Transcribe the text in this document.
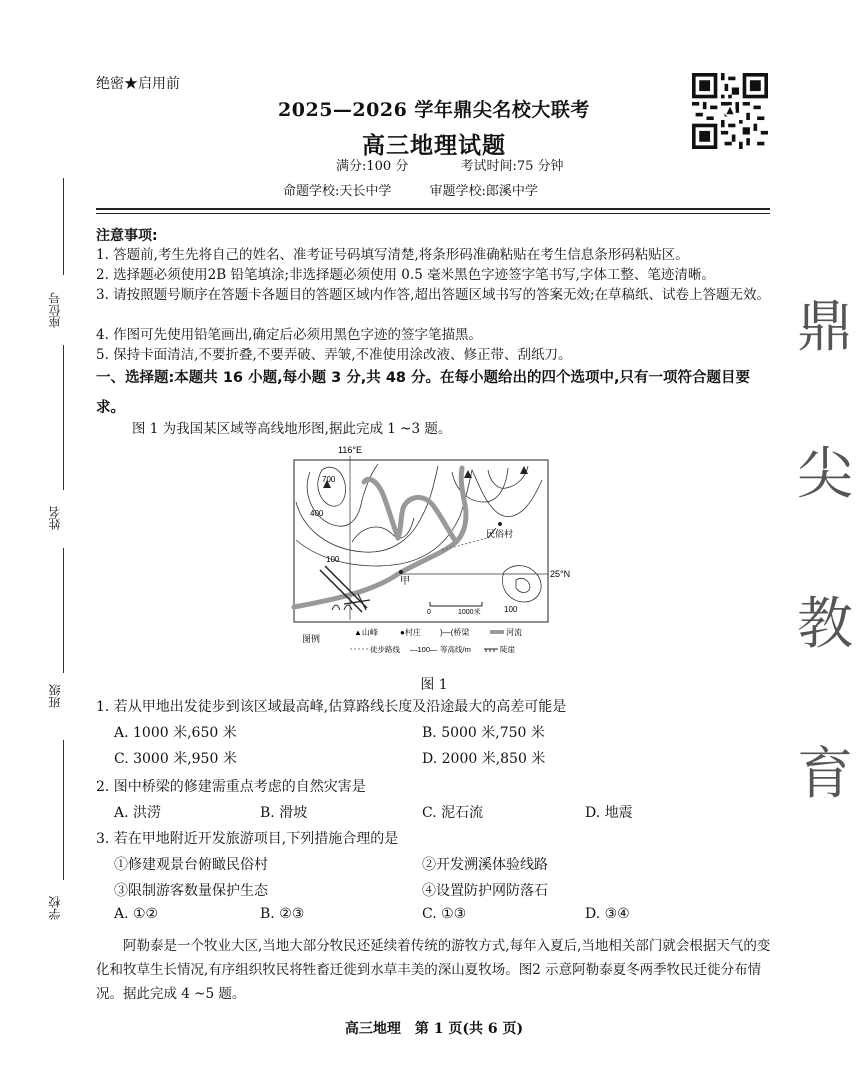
绝密★启用前
2025—2026 学年鼎尖名校大联考
高三地理试题
满分:100 分	考试时间:75 分钟
命题学校:天长中学	审题学校:郎溪中学
座位号
姓名
班级
学校
鼎
尖
教
育
注意事项:
1. 答题前,考生先将自己的姓名、准考证号码填写清楚,将条形码准确粘贴在考生信息条形码粘贴区。
2. 选择题必须使用2B 铅笔填涂;非选择题必须使用 0.5 毫米黑色字迹签字笔书写,字体工整、笔迹清晰。
3. 请按照题号顺序在答题卡各题目的答题区域内作答,超出答题区域书写的答案无效;在草稿纸、试卷上答题无效。
4. 作图可先使用铅笔画出,确定后必须用黑色字迹的签字笔描黑。
5. 保持卡面清洁,不要折叠,不要弄破、弄皱,不准使用涂改液、修正带、刮纸刀。
一、选择题:本题共 16 小题,每小题 3 分,共 48 分。在每小题给出的四个选项中,只有一项符合题目要求。
图 1 为我国某区域等高线地形图,据此完成 1 ~3 题。
116°E
25°N
700
400
100
100
民俗村
甲
0	1000米
图例
▲山峰	●村庄 )—(桥梁	河流
徒步路线 —100— 等高线/m	陡崖
图 1
1. 若从甲地出发徒步到该区域最高峰,估算路线长度及沿途最大的高差可能是
A. 1000 米,650 米	B. 5000 米,750 米
C. 3000 米,950 米	D. 2000 米,850 米
2. 图中桥梁的修建需重点考虑的自然灾害是
A. 洪涝	B. 滑坡	C. 泥石流	D. 地震
3. 若在甲地附近开发旅游项目,下列措施合理的是
①修建观景台俯瞰民俗村	②开发溯溪体验线路
③限制游客数量保护生态	④设置防护网防落石
A. ①②	B. ②③	C. ①③	D. ③④
阿勒泰是一个牧业大区,当地大部分牧民还延续着传统的游牧方式,每年入夏后,当地相关部门就会根据天气的变化和牧草生长情况,有序组织牧民将牲畜迁徙到水草丰美的深山夏牧场。图2 示意阿勒泰夏冬两季牧民迁徙分布情况。据此完成 4 ~5 题。
高三地理　第 1 页(共 6 页)
